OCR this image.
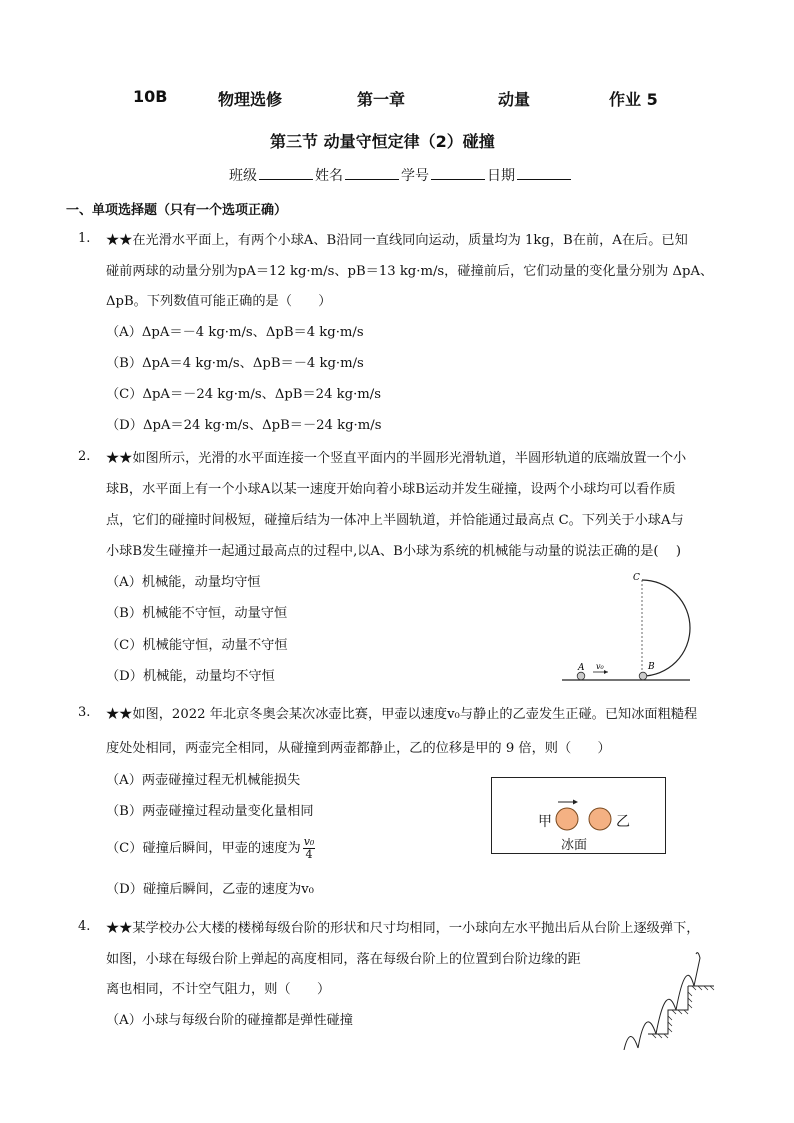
10B	物理选修	第一章	动量	作业 5
第三节 动量守恒定律（2）碰撞
班级	姓名	学号	日期
一、单项选择题（只有一个选项正确）
1. ★★在光滑水平面上，有两个小球A、B沿同一直线同向运动，质量均为 1kg，B在前，A在后。已知
碰前两球的动量分别为pA＝12 kg·m/s、pB＝13 kg·m/s，碰撞前后，它们动量的变化量分别为 ΔpA、
ΔpB。下列数值可能正确的是（　　）
（A）ΔpA＝－4 kg·m/s、ΔpB＝4 kg·m/s
（B）ΔpA＝4 kg·m/s、ΔpB＝－4 kg·m/s
（C）ΔpA＝－24 kg·m/s、ΔpB＝24 kg·m/s
（D）ΔpA＝24 kg·m/s、ΔpB＝－24 kg·m/s
2. ★★如图所示，光滑的水平面连接一个竖直平面内的半圆形光滑轨道，半圆形轨道的底端放置一个小
球B，水平面上有一个小球A以某一速度开始向着小球B运动并发生碰撞，设两个小球均可以看作质
点，它们的碰撞时间极短，碰撞后结为一体冲上半圆轨道，并恰能通过最高点 C。下列关于小球A与
小球B发生碰撞并一起通过最高点的过程中,以A、B小球为系统的机械能与动量的说法正确的是(　 )
（A）机械能，动量均守恒
（B）机械能不守恒，动量守恒
（C）机械能守恒，动量不守恒
（D）机械能，动量均不守恒
C
A v₀	B
3. ★★如图，2022 年北京冬奥会某次冰壶比赛，甲壶以速度v₀与静止的乙壶发生正碰。已知冰面粗糙程
度处处相同，两壶完全相同，从碰撞到两壶都静止，乙的位移是甲的 9 倍，则（　　）
（A）两壶碰撞过程无机械能损失
（B）两壶碰撞过程动量变化量相同
（C）碰撞后瞬间，甲壶的速度为 $\frac{\text{v₀}}{4}$
（D）碰撞后瞬间，乙壶的速度为v₀
甲	乙
冰面
4. ★★某学校办公大楼的楼梯每级台阶的形状和尺寸均相同，一小球向左水平抛出后从台阶上逐级弹下，
如图，小球在每级台阶上弹起的高度相同，落在每级台阶上的位置到台阶边缘的距
离也相同，不计空气阻力，则（　　）
（A）小球与每级台阶的碰撞都是弹性碰撞
